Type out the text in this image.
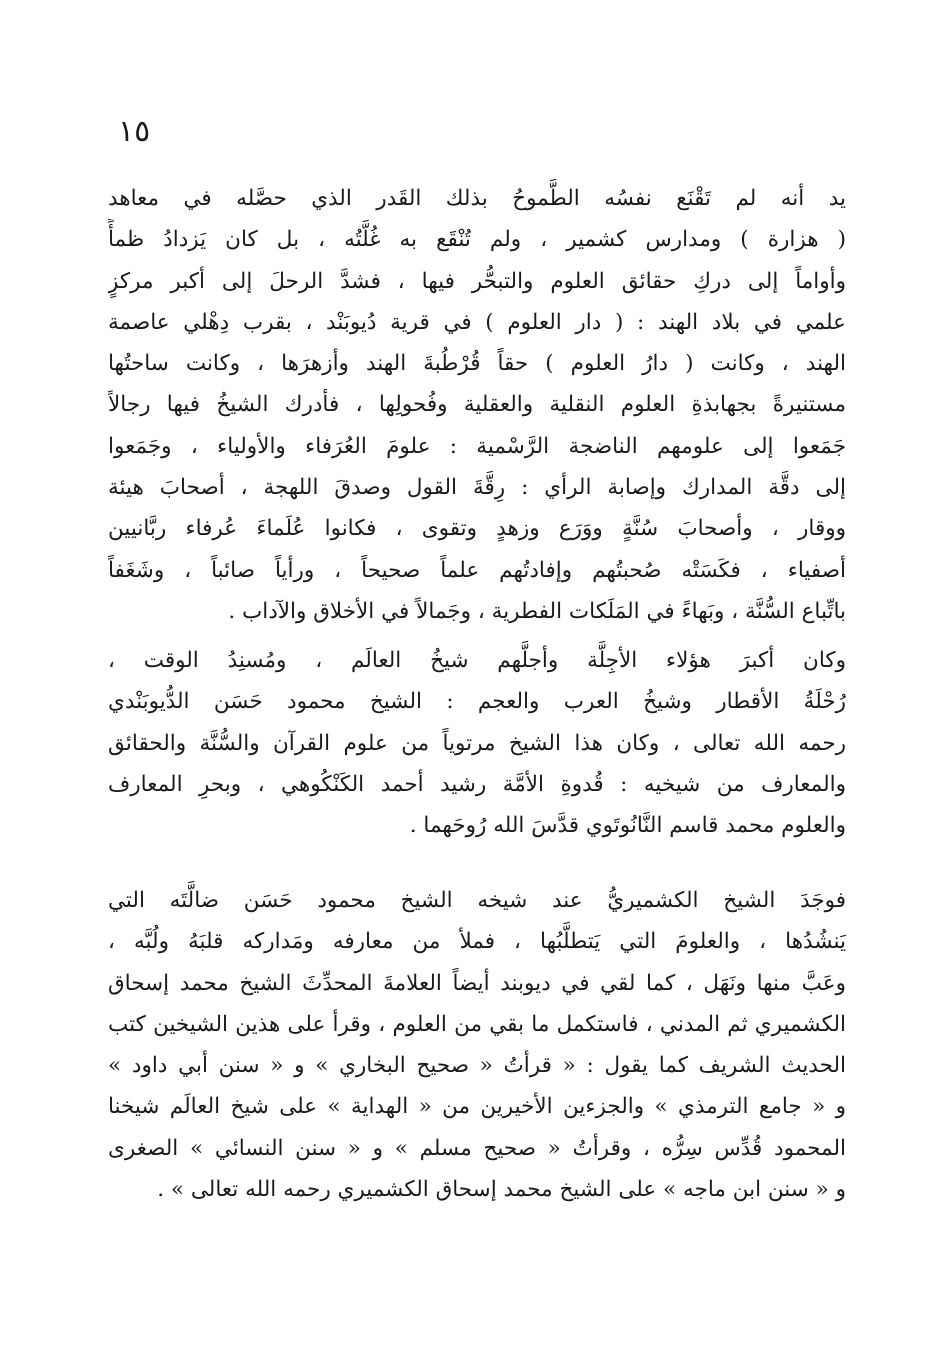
١٥
يد أنه لم تَقْنَع نفسُه الطَّموحُ بذلك القَدر الذي حصَّله في معاهد
( هزارة ) ومدارس كشمير ، ولم تُنْقَع به غُلَّتُه ، بل كان يَزدادُ ظمأً
وأواماً إلى دركِ حقائق العلوم والتبحُّر فيها ، فشدَّ الرحلَ إلى أكبر مركزٍ
علمي في بلاد الهند : ( دار العلوم ) في قرية دُيوبَنْد ، بقرب دِهْلي عاصمة
الهند ، وكانت ( دارُ العلوم ) حقاً قُرْطُبةَ الهند وأزهرَها ، وكانت ساحتُها
مستنيرةً بجهابذةِ العلوم النقلية والعقلية وفُحولِها ، فأدرك الشيخُ فيها رجالاً
جَمَعوا إلى علومهم الناضجة الرَّسْمية : علومَ العُرَفاء والأولياء ، وجَمَعوا
إلى دقَّة المدارك وإصابة الرأي : رِقَّةَ القول وصدقَ اللهجة ، أصحابَ هيئة
ووقار ، وأصحابَ سُنَّةٍ ووَرَع وزهدٍ وتقوى ، فكانوا عُلَماءَ عُرفاء ربَّانيين
أصفياء ، فكَسَتْه صُحبتُهم وإفادتُهم علماً صحيحاً ، ورأياً صائباً ، وشَغَفاً
باتِّباع السُّنَّة ، وبَهاءً في المَلَكات الفطرية ، وجَمالاً في الأخلاق والآداب .
وكان أكبرَ هؤلاء الأجِلَّة وأجلَّهم شيخُ العالَم ، ومُسنِدُ الوقت ،
رُحْلَةُ الأقطار وشيخُ العرب والعجم : الشيخ محمود حَسَن الدُّيوبَنْدي
رحمه الله تعالى ، وكان هذا الشيخ مرتوياً من علوم القرآن والسُّنَّة والحقائق
والمعارف من شيخيه : قُدوةِ الأمَّة رشيد أحمد الكَنْكُوهي ، وبحرِ المعارف
والعلوم محمد قاسم النَّانُوتَوي قدَّسَ الله رُوحَهما .
فوجَدَ الشيخ الكشميريُّ عند شيخه الشيخ محمود حَسَن ضالَّتَه التي
يَنشُدُها ، والعلومَ التي يَتطلَّبُها ، فملأ من معارفه ومَداركه قلبَهُ ولُبَّه ،
وعَبَّ منها ونَهَل ، كما لقي في ديوبند أيضاً العلامةَ المحدِّثَ الشيخ محمد إسحاق
الكشميري ثم المدني ، فاستكمل ما بقي من العلوم ، وقرأ على هذين الشيخين كتب
الحديث الشريف كما يقول : « قرأتُ « صحيح البخاري » و « سنن أبي داود »
و « جامع الترمذي » والجزءين الأخيرين من « الهداية » على شيخ العالَم شيخنا
المحمود قُدِّس سِرُّه ، وقرأتُ « صحيح مسلم » و « سنن النسائي » الصغرى
و « سنن ابن ماجه » على الشيخ محمد إسحاق الكشميري رحمه الله تعالى » .
